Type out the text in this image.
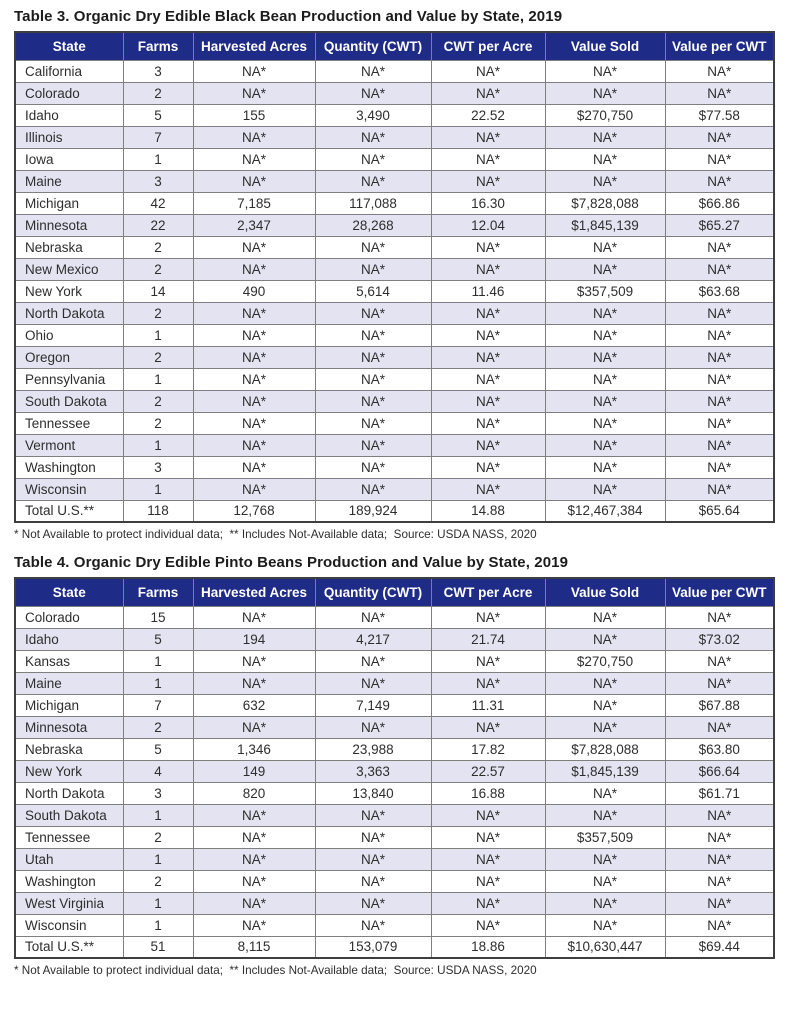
Table 3. Organic Dry Edible Black Bean Production and Value by State, 2019
State	Farms	Harvested Acres	Quantity (CWT)	CWT per Acre	Value Sold	Value per CWT
California	3	NA*	NA*	NA*	NA*	NA*
Colorado	2	NA*	NA*	NA*	NA*	NA*
Idaho	5	155	3,490	22.52	$270,750	$77.58
Illinois	7	NA*	NA*	NA*	NA*	NA*
Iowa	1	NA*	NA*	NA*	NA*	NA*
Maine	3	NA*	NA*	NA*	NA*	NA*
Michigan	42	7,185	117,088	16.30	$7,828,088	$66.86
Minnesota	22	2,347	28,268	12.04	$1,845,139	$65.27
Nebraska	2	NA*	NA*	NA*	NA*	NA*
New Mexico	2	NA*	NA*	NA*	NA*	NA*
New York	14	490	5,614	11.46	$357,509	$63.68
North Dakota	2	NA*	NA*	NA*	NA*	NA*
Ohio	1	NA*	NA*	NA*	NA*	NA*
Oregon	2	NA*	NA*	NA*	NA*	NA*
Pennsylvania	1	NA*	NA*	NA*	NA*	NA*
South Dakota	2	NA*	NA*	NA*	NA*	NA*
Tennessee	2	NA*	NA*	NA*	NA*	NA*
Vermont	1	NA*	NA*	NA*	NA*	NA*
Washington	3	NA*	NA*	NA*	NA*	NA*
Wisconsin	1	NA*	NA*	NA*	NA*	NA*
Total U.S.**	118	12,768	189,924	14.88	$12,467,384	$65.64
* Not Available to protect individual data;  ** Includes Not-Available data;  Source: USDA NASS, 2020
Table 4. Organic Dry Edible Pinto Beans Production and Value by State, 2019
State	Farms	Harvested Acres	Quantity (CWT)	CWT per Acre	Value Sold	Value per CWT
Colorado	15	NA*	NA*	NA*	NA*	NA*
Idaho	5	194	4,217	21.74	NA*	$73.02
Kansas	1	NA*	NA*	NA*	$270,750	NA*
Maine	1	NA*	NA*	NA*	NA*	NA*
Michigan	7	632	7,149	11.31	NA*	$67.88
Minnesota	2	NA*	NA*	NA*	NA*	NA*
Nebraska	5	1,346	23,988	17.82	$7,828,088	$63.80
New York	4	149	3,363	22.57	$1,845,139	$66.64
North Dakota	3	820	13,840	16.88	NA*	$61.71
South Dakota	1	NA*	NA*	NA*	NA*	NA*
Tennessee	2	NA*	NA*	NA*	$357,509	NA*
Utah	1	NA*	NA*	NA*	NA*	NA*
Washington	2	NA*	NA*	NA*	NA*	NA*
West Virginia	1	NA*	NA*	NA*	NA*	NA*
Wisconsin	1	NA*	NA*	NA*	NA*	NA*
Total U.S.**	51	8,115	153,079	18.86	$10,630,447	$69.44
* Not Available to protect individual data;  ** Includes Not-Available data;  Source: USDA NASS, 2020
